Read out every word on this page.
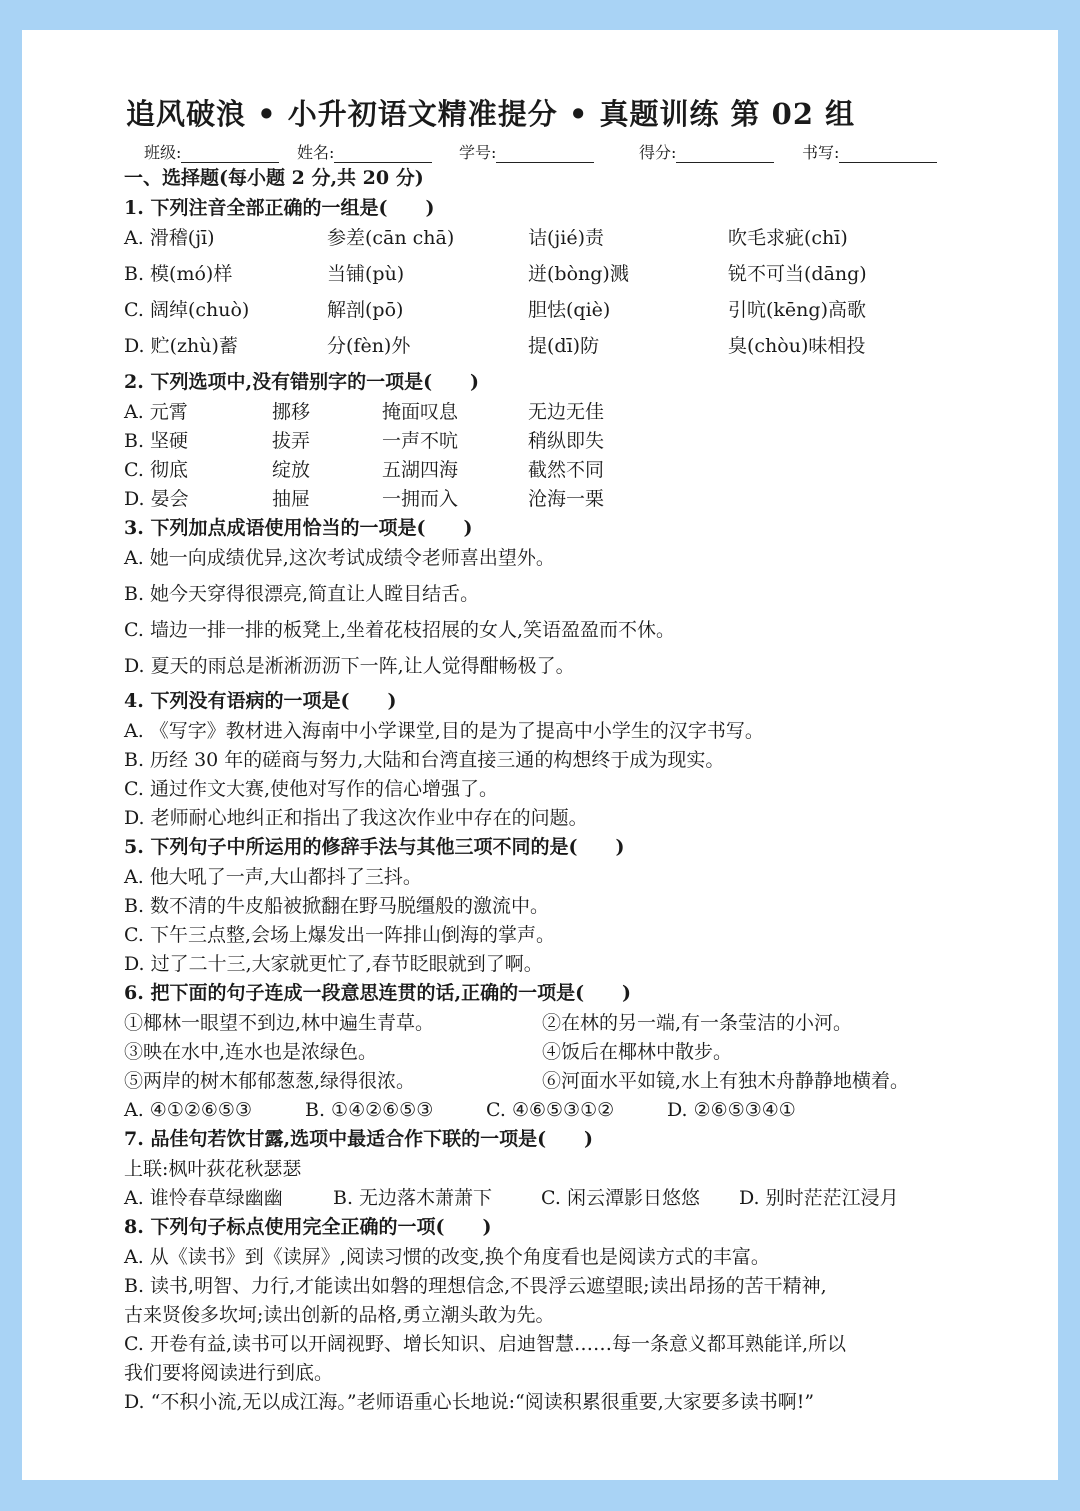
追风破浪 • 小升初语文精准提分 • 真题训练 第 02 组
班级:	姓名:	学号:	得分:	书写:
一、选择题(每小题 2 分,共 20 分)
1. 下列注音全部正确的一组是(　　)
A. 滑稽(jī)	参差(cān chā)	诘(jié)责	吹毛求疵(chī)
B. 模(mó)样	当铺(pù)	迸(bòng)溅	锐不可当(dāng)
C. 阔绰(chuò)	解剖(pō)	胆怯(qiè)	引吭(kēng)高歌
D. 贮(zhù)蓄	分(fèn)外	提(dī)防	臭(chòu)味相投
2. 下列选项中,没有错别字的一项是(　　)
A. 元霄	挪移	掩面叹息	无边无佳
B. 坚硬	拔弄	一声不吭	稍纵即失
C. 彻底	绽放	五湖四海	截然不同
D. 晏会	抽屉	一拥而入	沧海一栗
3. 下列加点成语使用恰当的一项是(　　)
A. 她一向成绩优异,这次考试成绩令老师喜出望外。
B. 她今天穿得很漂亮,简直让人瞠目结舌。
C. 墙边一排一排的板凳上,坐着花枝招展的女人,笑语盈盈而不休。
D. 夏天的雨总是淅淅沥沥下一阵,让人觉得酣畅极了。
4. 下列没有语病的一项是(　　)
A. 《写字》教材进入海南中小学课堂,目的是为了提高中小学生的汉字书写。
B. 历经 30 年的磋商与努力,大陆和台湾直接三通的构想终于成为现实。
C. 通过作文大赛,使他对写作的信心增强了。
D. 老师耐心地纠正和指出了我这次作业中存在的问题。
5. 下列句子中所运用的修辞手法与其他三项不同的是(　　)
A. 他大吼了一声,大山都抖了三抖。
B. 数不清的牛皮船被掀翻在野马脱缰般的激流中。
C. 下午三点整,会场上爆发出一阵排山倒海的掌声。
D. 过了二十三,大家就更忙了,春节眨眼就到了啊。
6. 把下面的句子连成一段意思连贯的话,正确的一项是(　　)
①椰林一眼望不到边,林中遍生青草。	②在林的另一端,有一条莹洁的小河。
③映在水中,连水也是浓绿色。	④饭后在椰林中散步。
⑤两岸的树木郁郁葱葱,绿得很浓。	⑥河面水平如镜,水上有独木舟静静地横着。
A. ④①②⑥⑤③	B. ①④②⑥⑤③	C. ④⑥⑤③①②	D. ②⑥⑤③④①
7. 品佳句若饮甘露,选项中最适合作下联的一项是(　　)
上联:枫叶荻花秋瑟瑟
A. 谁怜春草绿幽幽	B. 无边落木萧萧下	C. 闲云潭影日悠悠 D. 别时茫茫江浸月
8. 下列句子标点使用完全正确的一项(　　)
A. 从《读书》到《读屏》,阅读习惯的改变,换个角度看也是阅读方式的丰富。
B. 读书,明智、力行,才能读出如磐的理想信念,不畏浮云遮望眼;读出昂扬的苦干精神,
古来贤俊多坎坷;读出创新的品格,勇立潮头敢为先。
C. 开卷有益,读书可以开阔视野、增长知识、启迪智慧……每一条意义都耳熟能详,所以
我们要将阅读进行到底。
D. “不积小流,无以成江海。”老师语重心长地说:“阅读积累很重要,大家要多读书啊!”
